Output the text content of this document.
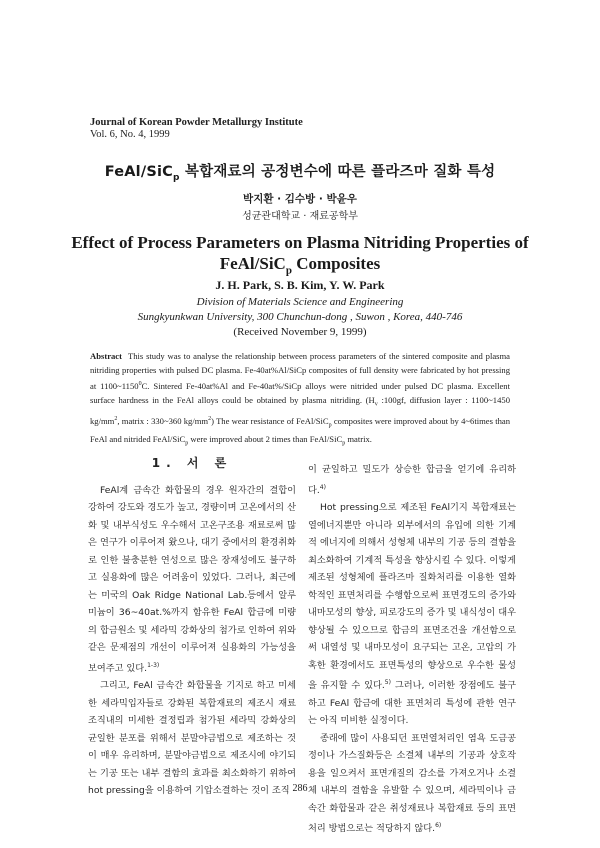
Journal of Korean Powder Metallurgy Institute
Vol. 6, No. 4, 1999
FeAl/SiC$_p$ 복합재료의 공정변수에 따른 플라즈마 질화 특성
박지환 · 김수방 · 박윤우
성균관대학교 · 재료공학부
Effect of Process Parameters on Plasma Nitriding Properties of
FeAl/SiC$_p$ Composites
J. H. Park, S. B. Kim, Y. W. Park
Division of Materials Science and Engineering
Sungkyunkwan University, 300 Chunchun-dong , Suwon , Korea, 440-746
(Received November 9, 1999)
Abstract This study was to analyse the relationship between process parameters of the sintered composite and plasma nitriding properties with pulsed DC plasma. Fe-40at%Al/SiCp composites of full density were fabricated by hot pressing at 1100~1150$^0$C. Sintered Fe-40at%Al and Fe-40at%/SiCp alloys were nitrided under pulsed DC plasma. Excellent surface hardness in the FeAl alloys could be obtained by plasma nitriding. ($H_v$ :100gf, diffusion layer : 1100~1450 $kg/mm^2$, matrix : 330~360 $kg/mm^2$) The wear resistance of FeAl/SiC$_p$ composites were improved about by 4~6times than FeAl and nitrided FeAl/SiC$_p$ were improved about 2 times than FeAl/SiC$_p$ matrix.
1. 서 론

FeAl계 금속간 화합물의 경우 원자간의 결합이 강하여 강도와 경도가 높고, 경량이며 고온에서의 산화 및 내부식성도 우수해서 고온구조용 재료로써 많은 연구가 이루어져 왔으나, 대기 중에서의 환경취화로 인한 불충분한 연성으로 많은 장재성에도 불구하고 실용화에 많은 어려움이 있었다. 그러나, 최근에는 미국의 Oak Ridge National Lab.등에서 알루미늄이 36~40at.%까지 함유한 FeAl 합금에 미량의 합금원소 및 세라믹 강화상의 첨가로 인하여 위와 같은 문제점의 개선이 이루어져 실용화의 가능성을 보여주고 있다.$^{1-3)}$

그리고, FeAl 금속간 화합물을 기지로 하고 미세한 세라믹입자들로 강화된 복합재료의 제조시 재료 조직내의 미세한 결정립과 첨가된 세라믹 강화상의 균일한 분포를 위해서 분말야금법으로 제조하는 것이 매우 유리하며, 분말야금법으로 제조시에 야기되는 기공 또는 내부 결함의 효과를 최소화하기 위하여 hot pressing을 이용하여 기압소결하는 것이 조직

이 균일하고 밀도가 상승한 합금을 얻기에 유리하다.$^{4)}$

Hot pressing으로 제조된 FeAl기지 복합재료는 열에너지뿐만 아니라 외부에서의 유입에 의한 기계적 에너지에 의해서 성형체 내부의 기공 등의 결함을 최소화하여 기계적 특성을 향상시킬 수 있다. 이렇게 제조된 성형체에 플라즈마 질화처리를 이용한 열화학적인 표면처리를 수행함으로써 표면경도의 증가와 내마모성의 향상, 피로강도의 증가 및 내식성이 대우 향상될 수 있으므로 합금의 표면조건을 개선함으로써 내열성 및 내마모성이 요구되는 고온, 고압의 가혹한 환경에서도 표면특성의 향상으로 우수한 물성을 유지할 수 있다.$^{5)}$ 그러나, 이러한 장점에도 불구하고 FeAl 합금에 대한 표면처리 특성에 관한 연구는 아직 미비한 실정이다.

종래에 많이 사용되던 표면열처리인 염욕 도금공정이나 가스질화등은 소결체 내부의 기공과 상호작용을 일으켜서 표면개질의 감소를 가져오거나 소결체 내부의 결함을 유발할 수 있으며, 세라믹이나 금속간 화합물과 같은 취성재료나 복합재료 등의 표면처리 방법으로는 적당하지 않다.$^{6)}$

286
